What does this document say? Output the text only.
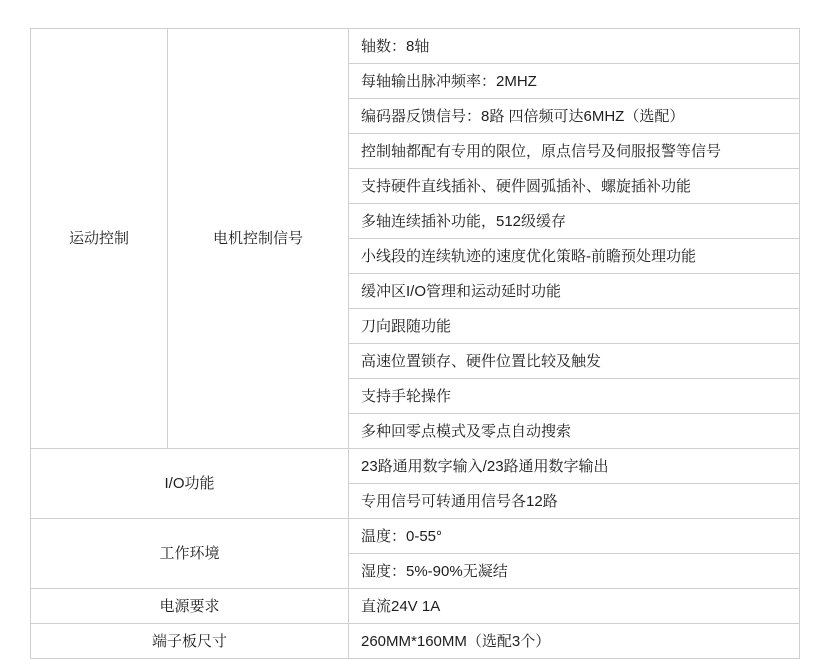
运动控制	电机控制信号	轴数：8轴
		每轴输出脉冲频率：2MHZ
		编码器反馈信号：8路 四倍频可达6MHZ（选配）
		控制轴都配有专用的限位，原点信号及伺服报警等信号
		支持硬件直线插补、硬件圆弧插补、螺旋插补功能
		多轴连续插补功能，512级缓存
		小线段的连续轨迹的速度优化策略-前瞻预处理功能
		缓冲区I/O管理和运动延时功能
		刀向跟随功能
		高速位置锁存、硬件位置比较及触发
		支持手轮操作
		多种回零点模式及零点自动搜索
I/O功能		23路通用数字输入/23路通用数字输出
		专用信号可转通用信号各12路
工作环境		温度：0-55°
		湿度：5%-90%无凝结
电源要求		直流24V 1A
端子板尺寸		260MM*160MM（选配3个）
